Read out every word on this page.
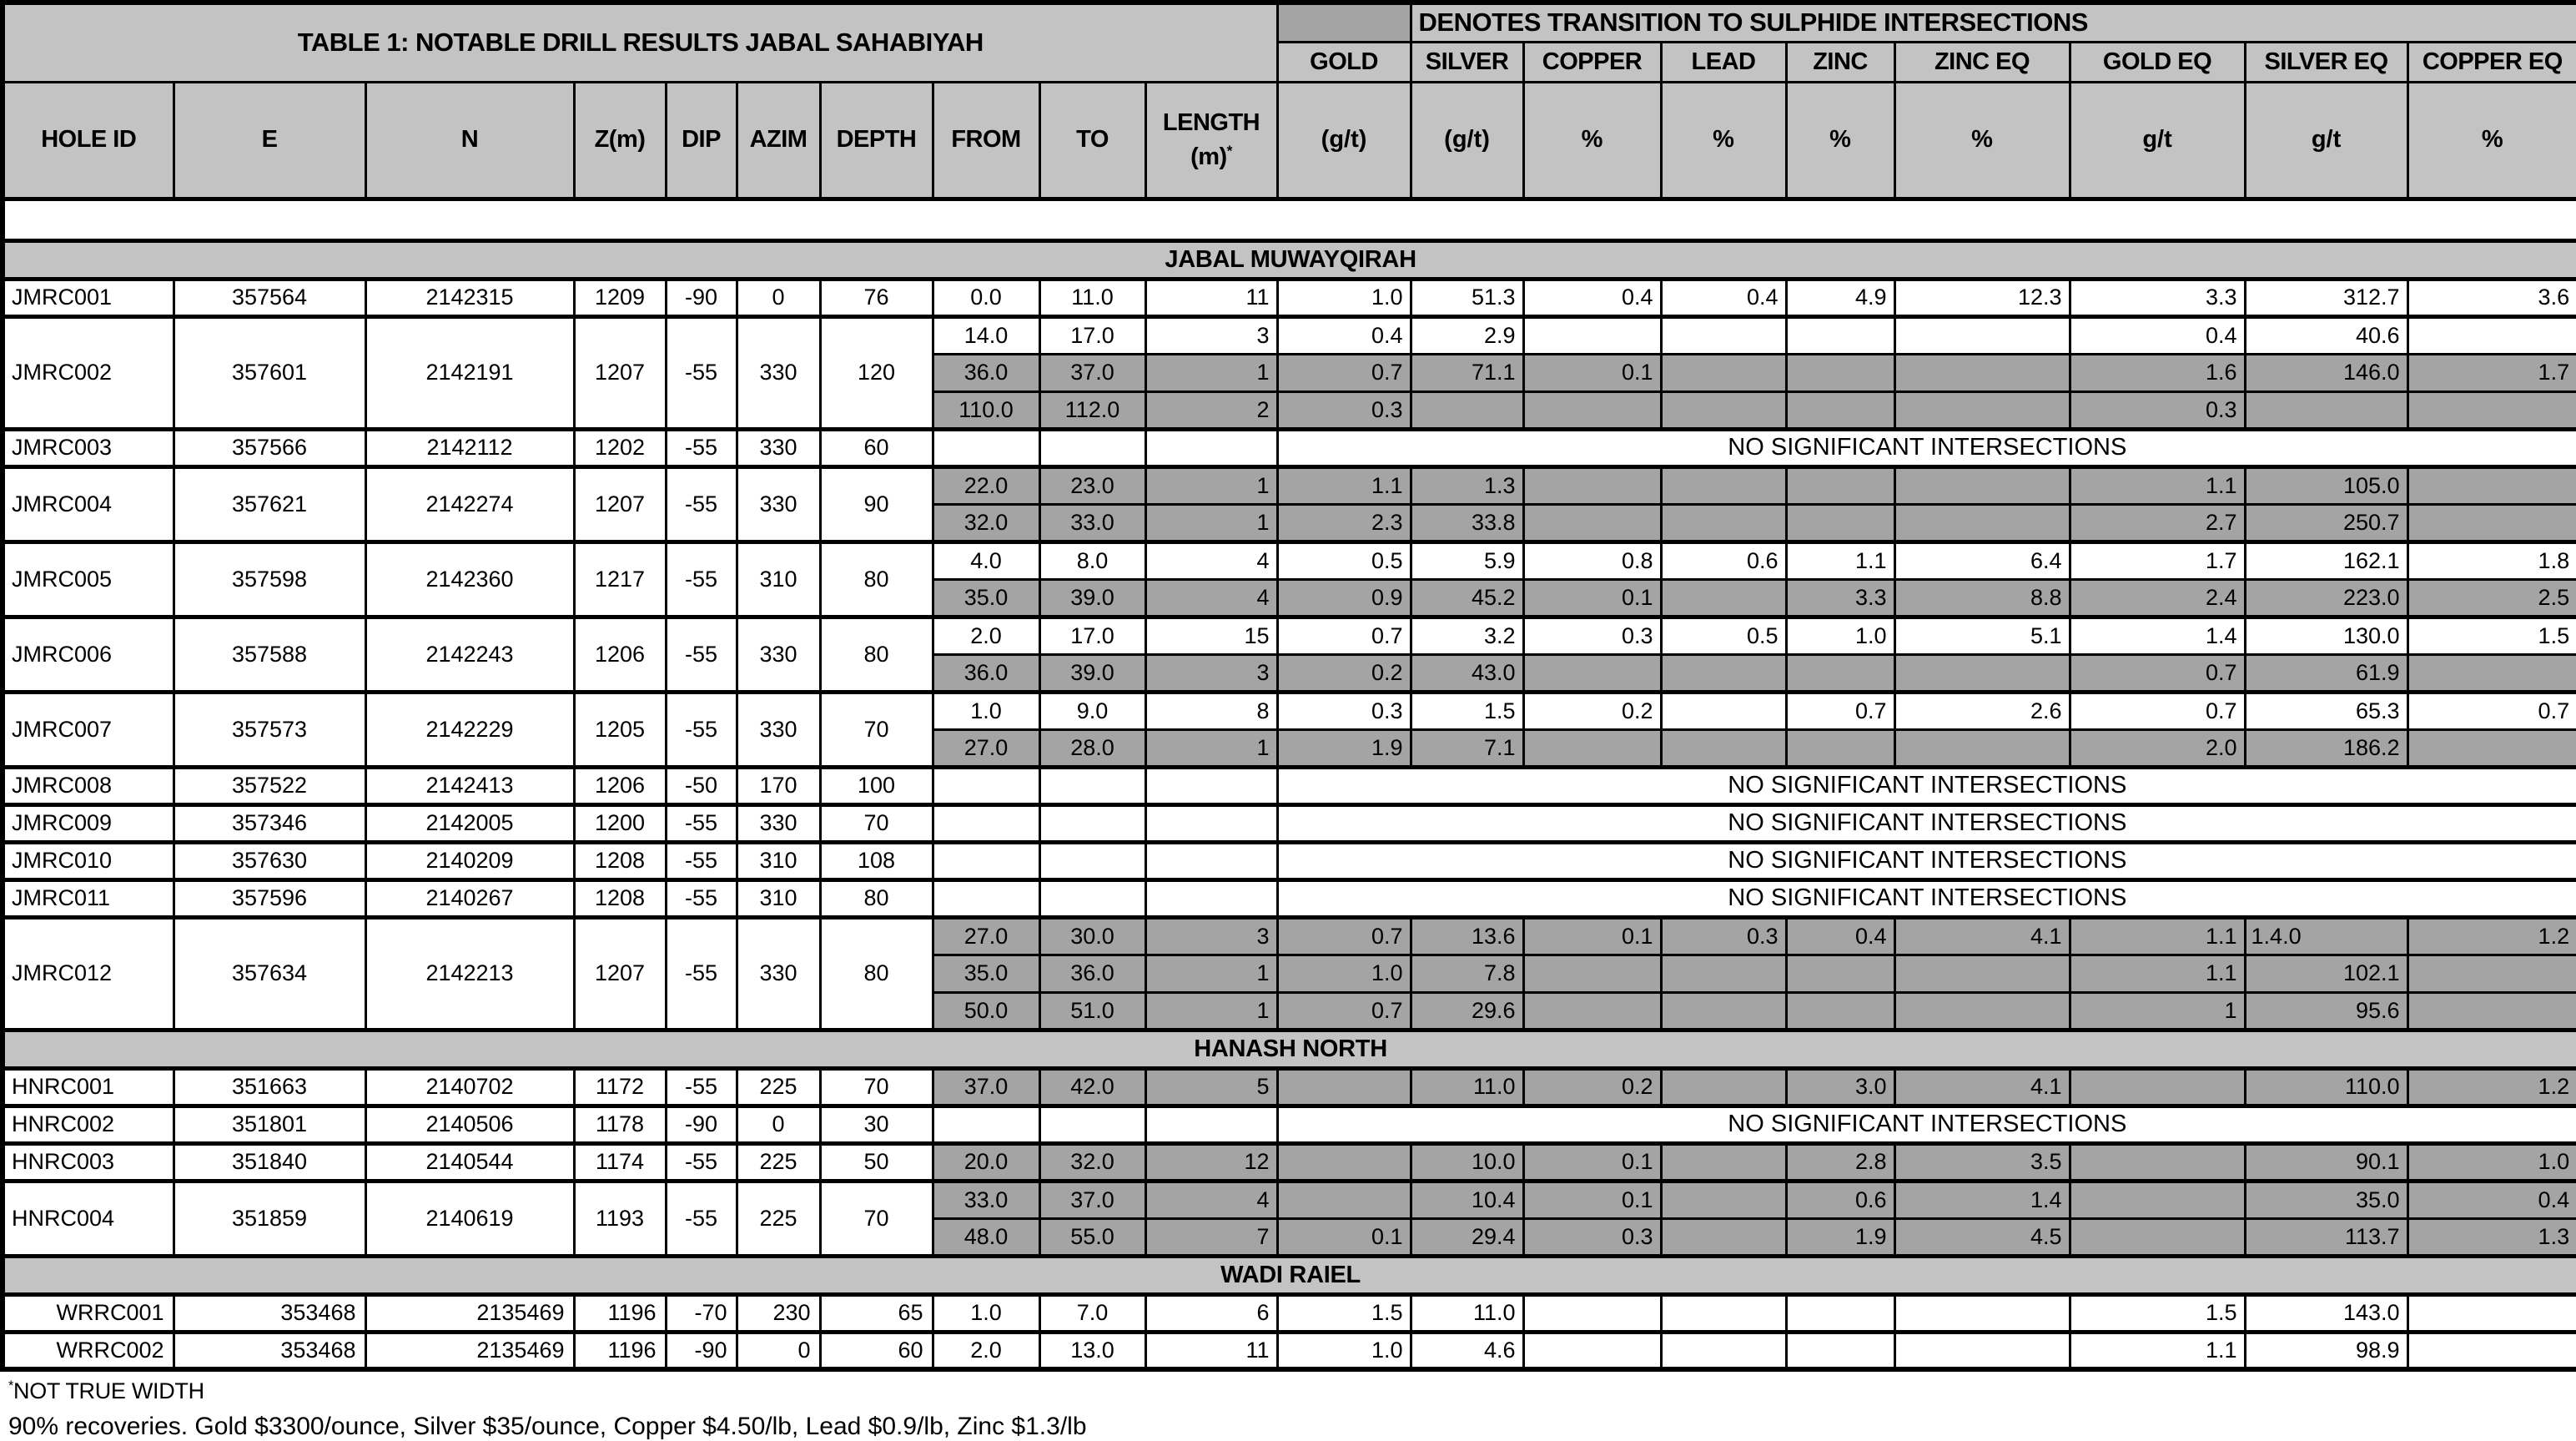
TABLE 1: NOTABLE DRILL RESULTS JABAL SAHABIYAH											DENOTES TRANSITION TO SULPHIDE INTERSECTIONS							
										GOLD	SILVER	COPPER	LEAD	ZINC	ZINC EQ	GOLD EQ	SILVER EQ	COPPER EQ
HOLE ID	E	N	Z(m)	DIP	AZIM	DEPTH	FROM	TO	LENGTH (m)*	(g/t)	(g/t)	%	%	%	%	g/t	g/t	%

JABAL MUWAYQIRAH																		
JMRC001	357564	2142315	1209	-90	0	76	0.0	11.0	11	1.0	51.3	0.4	0.4	4.9	12.3	3.3	312.7	3.6
JMRC002	357601	2142191	1207	-55	330	120	14.0	17.0	3	0.4	2.9					0.4	40.6	
							36.0	37.0	1	0.7	71.1	0.1				1.6	146.0	1.7
							110.0	112.0	2	0.3						0.3		
JMRC003	357566	2142112	1202	-55	330	60				NO SIGNIFICANT INTERSECTIONS								
JMRC004	357621	2142274	1207	-55	330	90	22.0	23.0	1	1.1	1.3					1.1	105.0	
							32.0	33.0	1	2.3	33.8					2.7	250.7	
JMRC005	357598	2142360	1217	-55	310	80	4.0	8.0	4	0.5	5.9	0.8	0.6	1.1	6.4	1.7	162.1	1.8
							35.0	39.0	4	0.9	45.2	0.1		3.3	8.8	2.4	223.0	2.5
JMRC006	357588	2142243	1206	-55	330	80	2.0	17.0	15	0.7	3.2	0.3	0.5	1.0	5.1	1.4	130.0	1.5
							36.0	39.0	3	0.2	43.0					0.7	61.9	
JMRC007	357573	2142229	1205	-55	330	70	1.0	9.0	8	0.3	1.5	0.2		0.7	2.6	0.7	65.3	0.7
							27.0	28.0	1	1.9	7.1					2.0	186.2	
JMRC008	357522	2142413	1206	-50	170	100				NO SIGNIFICANT INTERSECTIONS								
JMRC009	357346	2142005	1200	-55	330	70				NO SIGNIFICANT INTERSECTIONS								
JMRC010	357630	2140209	1208	-55	310	108				NO SIGNIFICANT INTERSECTIONS								
JMRC011	357596	2140267	1208	-55	310	80				NO SIGNIFICANT INTERSECTIONS								
JMRC012	357634	2142213	1207	-55	330	80	27.0	30.0	3	0.7	13.6	0.1	0.3	0.4	4.1	1.1	1.4.0	1.2
							35.0	36.0	1	1.0	7.8					1.1	102.1	
							50.0	51.0	1	0.7	29.6					1	95.6	
HANASH NORTH																		
HNRC001	351663	2140702	1172	-55	225	70	37.0	42.0	5		11.0	0.2		3.0	4.1		110.0	1.2
HNRC002	351801	2140506	1178	-90	0	30				NO SIGNIFICANT INTERSECTIONS								
HNRC003	351840	2140544	1174	-55	225	50	20.0	32.0	12		10.0	0.1		2.8	3.5		90.1	1.0
HNRC004	351859	2140619	1193	-55	225	70	33.0	37.0	4		10.4	0.1		0.6	1.4		35.0	0.4
							48.0	55.0	7	0.1	29.4	0.3		1.9	4.5		113.7	1.3
WADI RAIEL																		
WRRC001	353468	2135469	1196	-70	230	65	1.0	7.0	6	1.5	11.0					1.5	143.0	
WRRC002	353468	2135469	1196	-90	0	60	2.0	13.0	11	1.0	4.6					1.1	98.9	
*NOT TRUE WIDTH
90% recoveries. Gold $3300/ounce, Silver $35/ounce, Copper $4.50/lb, Lead $0.9/lb, Zinc $1.3/lb
